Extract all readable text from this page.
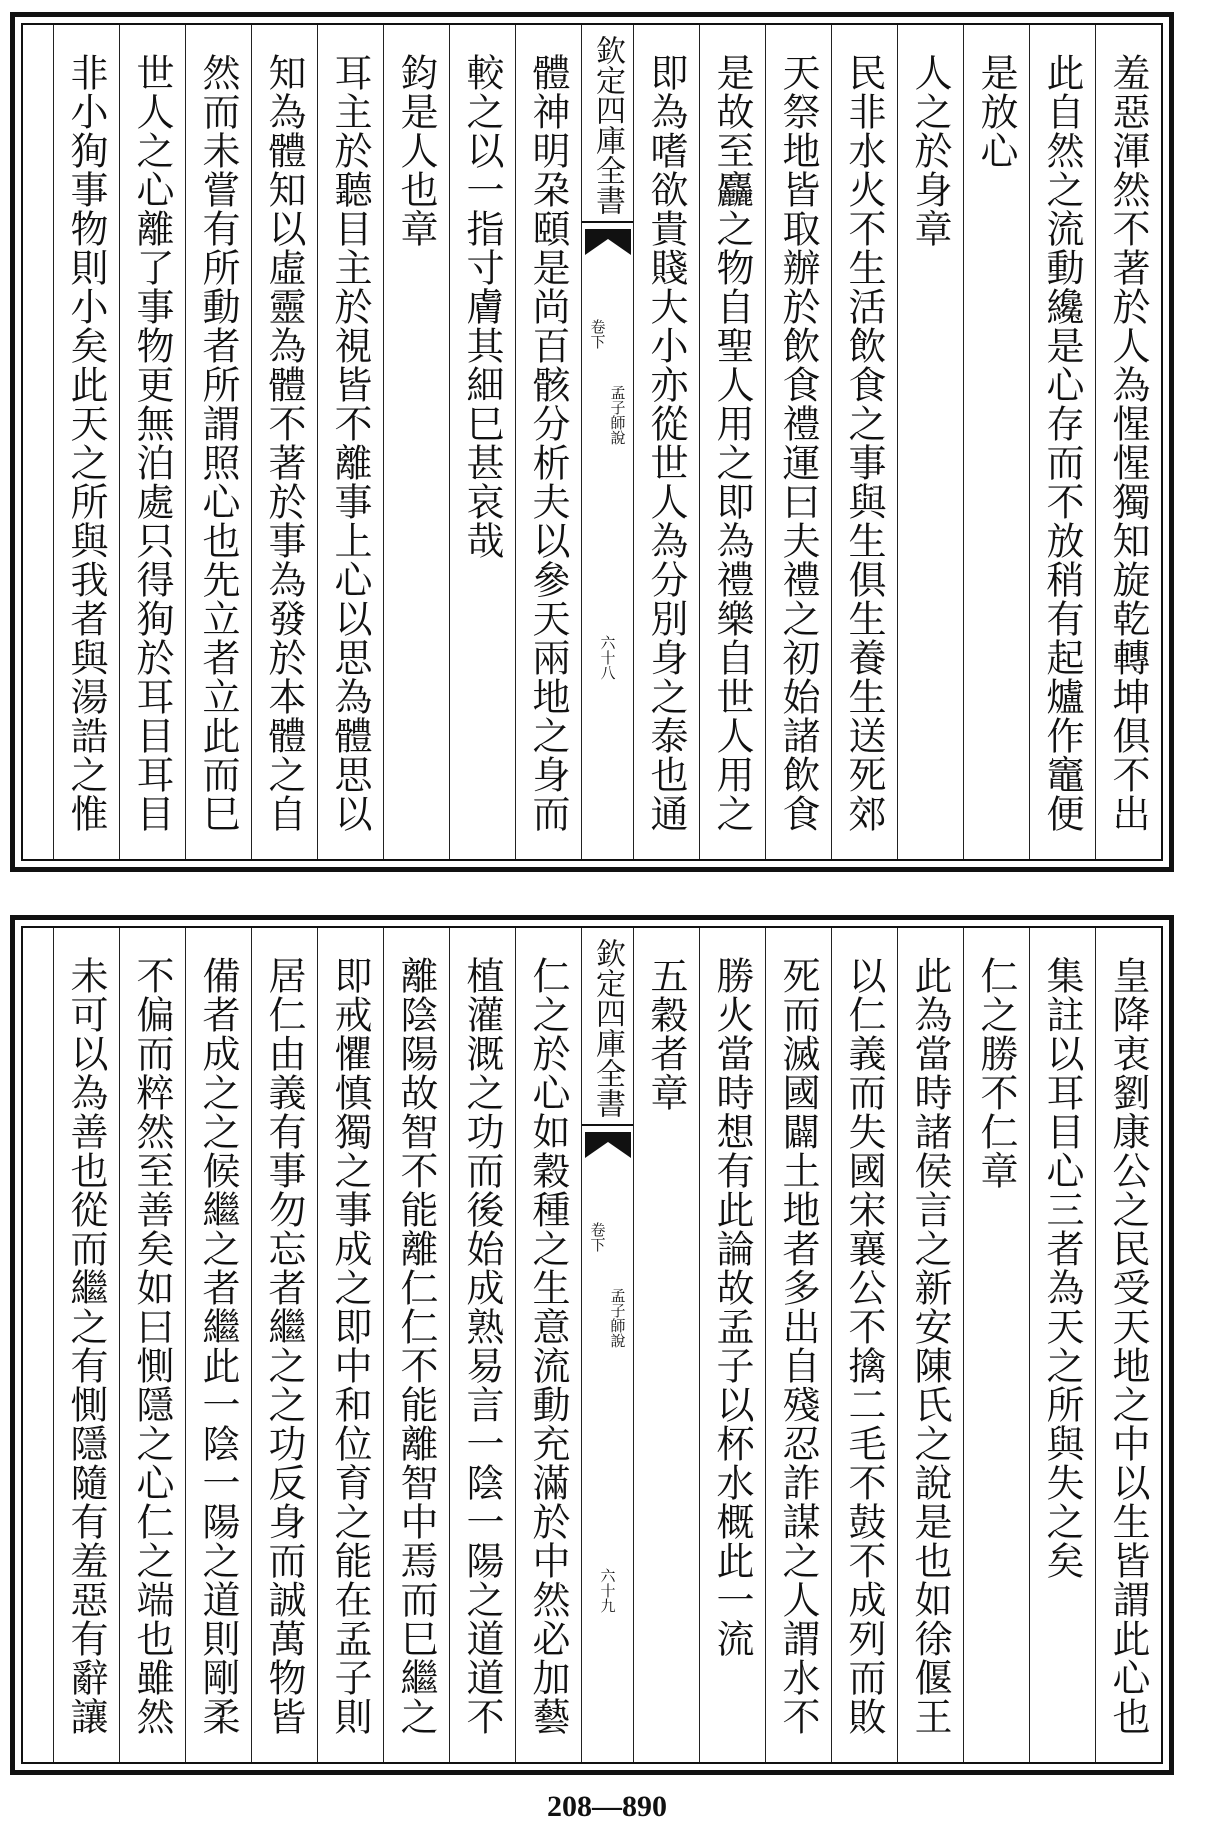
羞惡渾然不著於人為惺惺獨知旋乾轉坤俱不出
此自然之流動纔是心存而不放稍有起爐作竈便
是放心
人之於身章
民非水火不生活飲食之事與生俱生養生送死郊
天祭地皆取辦於飲食禮運曰夫禮之初始諸飲食
是故至麤之物自聖人用之即為禮樂自世人用之
即為嗜欲貴賤大小亦從世人為分別身之泰也通
欽定四庫全書
孟子師說
卷下
六十八
體神明朶頤是尚百骸分析夫以參天兩地之身而
較之以一指寸膚其細巳甚哀哉
鈞是人也章
耳主於聽目主於視皆不離事上心以思為體思以
知為體知以虛靈為體不著於事為發於本體之自
然而未嘗有所動者所謂照心也先立者立此而巳
世人之心離了事物更無泊處只得狥於耳目耳目
非小狥事物則小矣此天之所與我者與湯誥之惟
皇降衷劉康公之民受天地之中以生皆謂此心也
集註以耳目心三者為天之所與失之矣
仁之勝不仁章
此為當時諸侯言之新安陳氏之說是也如徐偃王
以仁義而失國宋襄公不擒二毛不鼓不成列而敗
死而滅國闢土地者多出自殘忍詐謀之人謂水不
勝火當時想有此論故孟子以杯水概此一流
五穀者章
欽定四庫全書
孟子師說
卷下
六十九
仁之於心如穀種之生意流動充滿於中然必加藝
植灌溉之功而後始成熟易言一陰一陽之道道不
離陰陽故智不能離仁仁不能離智中焉而巳繼之
即戒懼慎獨之事成之即中和位育之能在孟子則
居仁由義有事勿忘者繼之之功反身而誠萬物皆
備者成之之候繼之者繼此一陰一陽之道則剛柔
不偏而粹然至善矣如曰惻隱之心仁之端也雖然
未可以為善也從而繼之有惻隱隨有羞惡有辭讓
208—890
